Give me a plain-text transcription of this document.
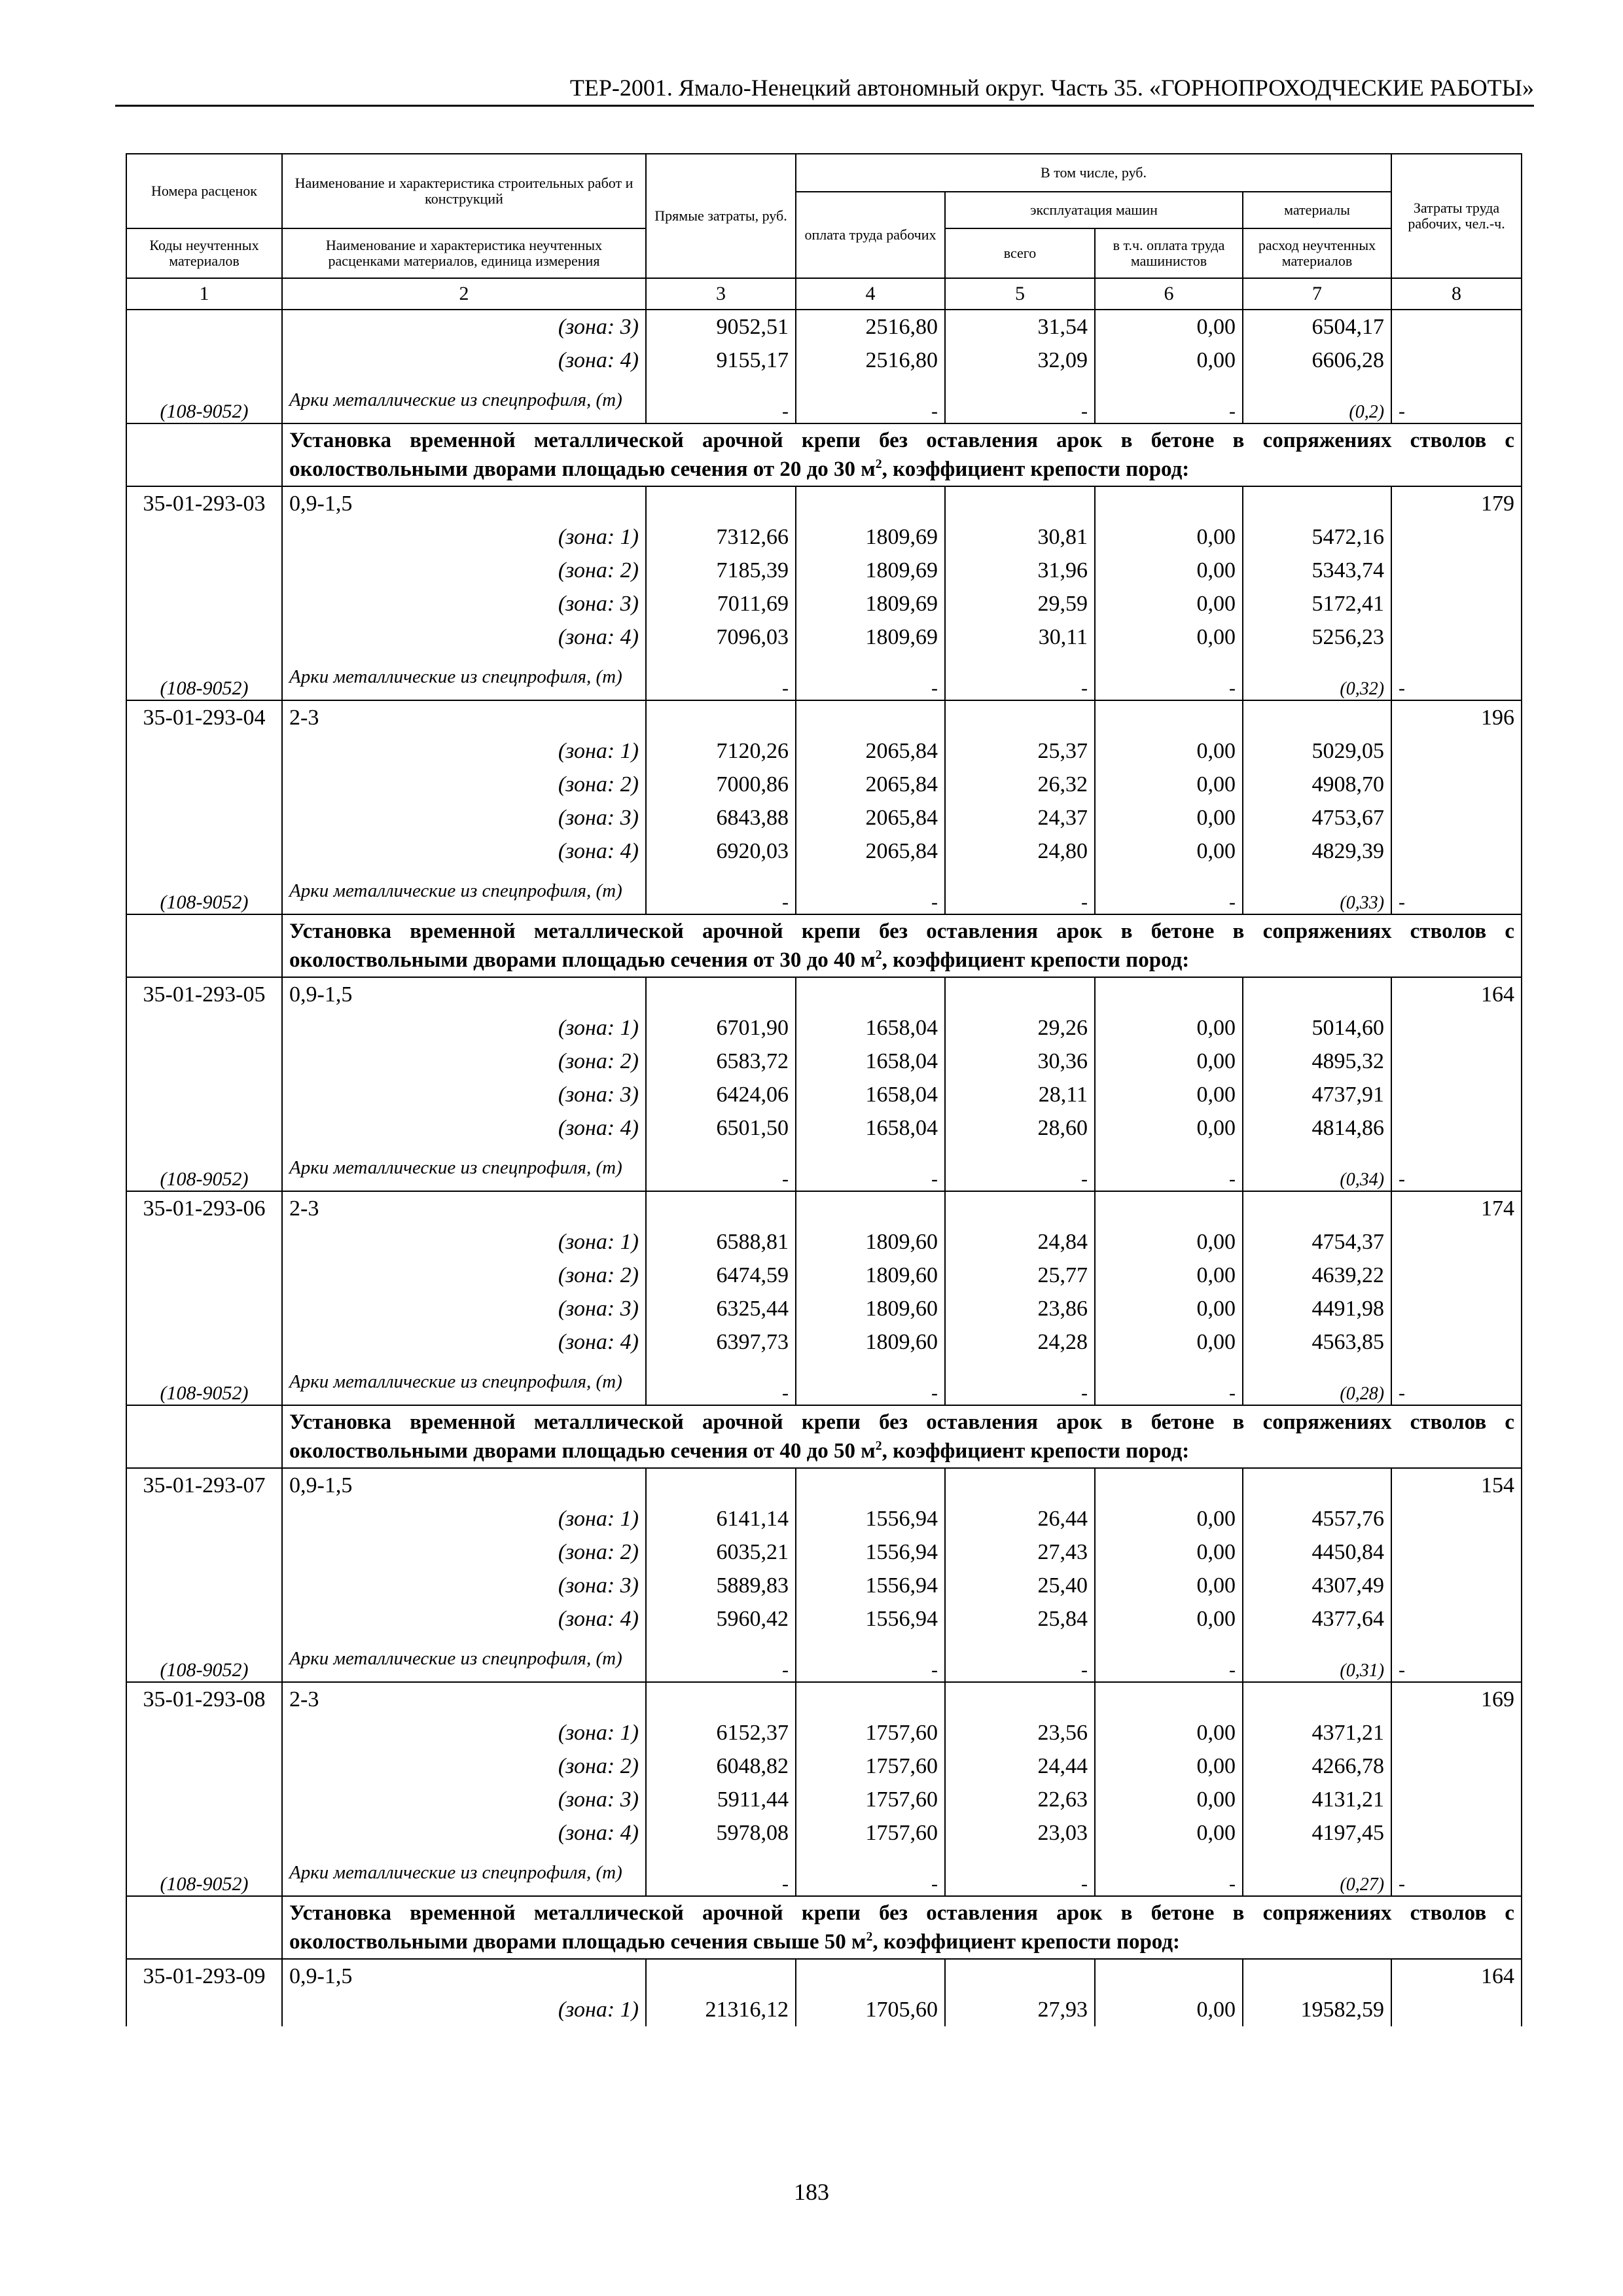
ТЕР-2001. Ямало-Ненецкий автономный округ. Часть 35. «ГОРНОПРОХОДЧЕСКИЕ РАБОТЫ»
Номера расценок	Наименование и характеристика строительных работ и конструкций	Прямые затраты, руб.	В том числе, руб.				Затраты труда рабочих, чел.-ч.
			оплата труда рабочих	эксплуатация машин		материалы	
Коды неучтенных материалов	Наименование и характеристика неучтенных расценками материалов, единица измерения			всего	в т.ч. оплата труда машинистов	расход неучтенных материалов	
1	2	3	4	5	6	7	8
	(зона: 3)	9052,51	2516,80	31,54	0,00	6504,17	
	(зона: 4)	9155,17	2516,80	32,09	0,00	6606,28	
(108-9052)	Арки металлические из спецпрофиля, (т)	-	-	-	-	(0,2)	-
	Установка временной металлической арочной крепи без оставления арок в бетоне в сопряжениях стволов с околоствольными дворами площадью сечения от 20 до 30 $м^2$, коэффициент крепости пород:						
35-01-293-03	0,9-1,5						179
	(зона: 1)	7312,66	1809,69	30,81	0,00	5472,16	
	(зона: 2)	7185,39	1809,69	31,96	0,00	5343,74	
	(зона: 3)	7011,69	1809,69	29,59	0,00	5172,41	
	(зона: 4)	7096,03	1809,69	30,11	0,00	5256,23	
(108-9052)	Арки металлические из спецпрофиля, (т)	-	-	-	-	(0,32)	-
35-01-293-04	2-3						196
	(зона: 1)	7120,26	2065,84	25,37	0,00	5029,05	
	(зона: 2)	7000,86	2065,84	26,32	0,00	4908,70	
	(зона: 3)	6843,88	2065,84	24,37	0,00	4753,67	
	(зона: 4)	6920,03	2065,84	24,80	0,00	4829,39	
(108-9052)	Арки металлические из спецпрофиля, (т)	-	-	-	-	(0,33)	-
	Установка временной металлической арочной крепи без оставления арок в бетоне в сопряжениях стволов с околоствольными дворами площадью сечения от 30 до 40 $м^2$, коэффициент крепости пород:						
35-01-293-05	0,9-1,5						164
	(зона: 1)	6701,90	1658,04	29,26	0,00	5014,60	
	(зона: 2)	6583,72	1658,04	30,36	0,00	4895,32	
	(зона: 3)	6424,06	1658,04	28,11	0,00	4737,91	
	(зона: 4)	6501,50	1658,04	28,60	0,00	4814,86	
(108-9052)	Арки металлические из спецпрофиля, (т)	-	-	-	-	(0,34)	-
35-01-293-06	2-3						174
	(зона: 1)	6588,81	1809,60	24,84	0,00	4754,37	
	(зона: 2)	6474,59	1809,60	25,77	0,00	4639,22	
	(зона: 3)	6325,44	1809,60	23,86	0,00	4491,98	
	(зона: 4)	6397,73	1809,60	24,28	0,00	4563,85	
(108-9052)	Арки металлические из спецпрофиля, (т)	-	-	-	-	(0,28)	-
	Установка временной металлической арочной крепи без оставления арок в бетоне в сопряжениях стволов с околоствольными дворами площадью сечения от 40 до 50 $м^2$, коэффициент крепости пород:						
35-01-293-07	0,9-1,5						154
	(зона: 1)	6141,14	1556,94	26,44	0,00	4557,76	
	(зона: 2)	6035,21	1556,94	27,43	0,00	4450,84	
	(зона: 3)	5889,83	1556,94	25,40	0,00	4307,49	
	(зона: 4)	5960,42	1556,94	25,84	0,00	4377,64	
(108-9052)	Арки металлические из спецпрофиля, (т)	-	-	-	-	(0,31)	-
35-01-293-08	2-3						169
	(зона: 1)	6152,37	1757,60	23,56	0,00	4371,21	
	(зона: 2)	6048,82	1757,60	24,44	0,00	4266,78	
	(зона: 3)	5911,44	1757,60	22,63	0,00	4131,21	
	(зона: 4)	5978,08	1757,60	23,03	0,00	4197,45	
(108-9052)	Арки металлические из спецпрофиля, (т)	-	-	-	-	(0,27)	-
	Установка временной металлической арочной крепи без оставления арок в бетоне в сопряжениях стволов с околоствольными дворами площадью сечения свыше 50 $м^2$, коэффициент крепости пород:						
35-01-293-09	0,9-1,5						164
	(зона: 1)	21316,12	1705,60	27,93	0,00	19582,59	
183
